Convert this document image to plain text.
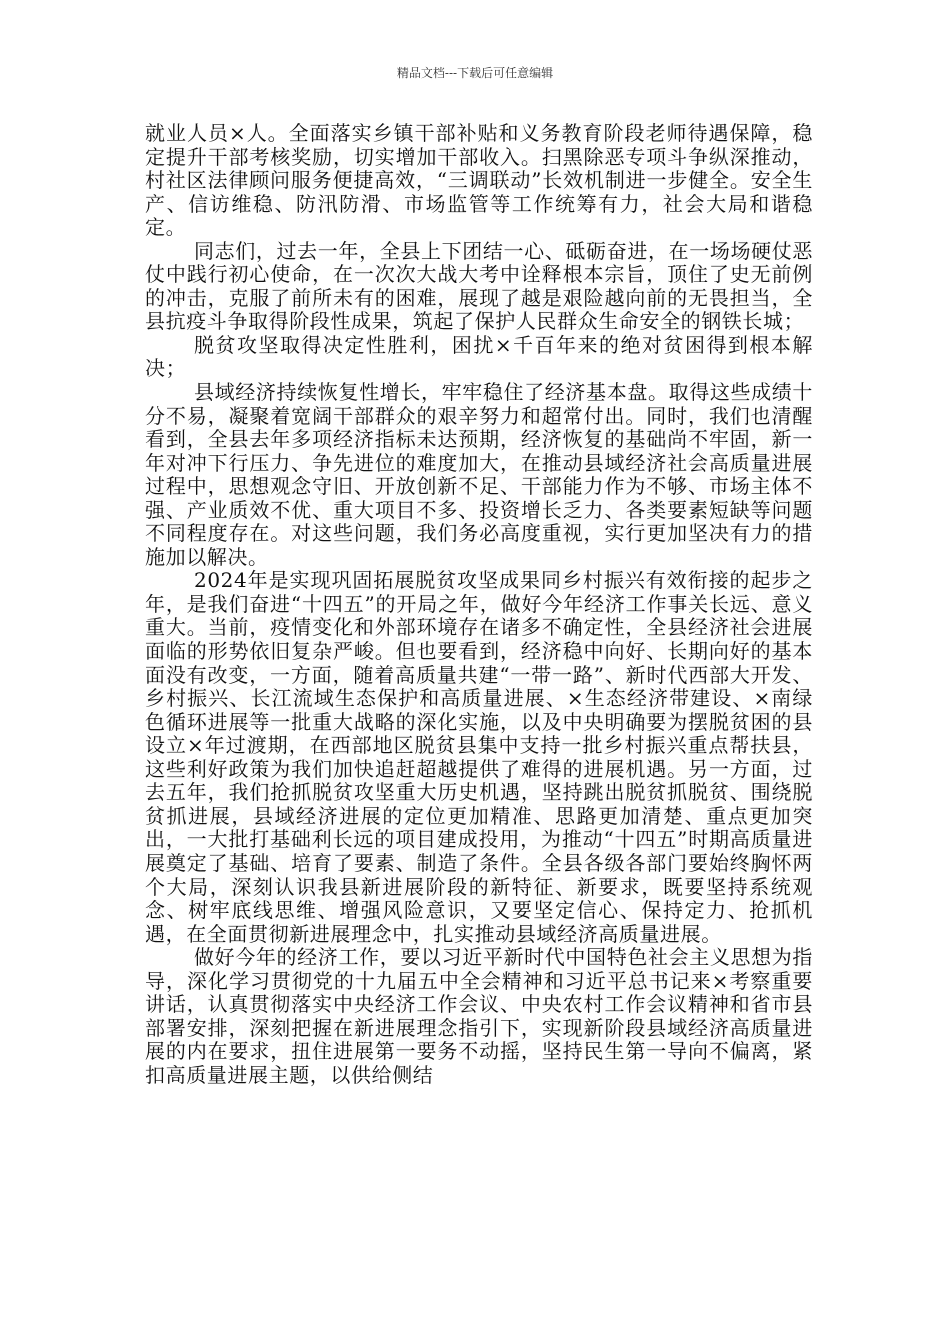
精品文档---下载后可任意编辑

就业人员×人。全面落实乡镇干部补贴和义务教育阶段老师待遇保障，稳定提升干部考核奖励，切实增加干部收入。扫黑除恶专项斗争纵深推动，村社区法律顾问服务便捷高效，“三调联动”长效机制进一步健全。安全生产、信访维稳、防汛防滑、市场监管等工作统筹有力，社会大局和谐稳定。

同志们，过去一年，全县上下团结一心、砥砺奋进，在一场场硬仗恶仗中践行初心使命，在一次次大战大考中诠释根本宗旨，顶住了史无前例的冲击，克服了前所未有的困难，展现了越是艰险越向前的无畏担当，全县抗疫斗争取得阶段性成果，筑起了保护人民群众生命安全的钢铁长城；

脱贫攻坚取得决定性胜利，困扰×千百年来的绝对贫困得到根本解决；

县域经济持续恢复性增长，牢牢稳住了经济基本盘。取得这些成绩十分不易，凝聚着宽阔干部群众的艰辛努力和超常付出。同时，我们也清醒看到，全县去年多项经济指标未达预期，经济恢复的基础尚不牢固，新一年对冲下行压力、争先进位的难度加大，在推动县域经济社会高质量进展过程中，思想观念守旧、开放创新不足、干部能力作为不够、市场主体不强、产业质效不优、重大项目不多、投资增长乏力、各类要素短缺等问题不同程度存在。对这些问题，我们务必高度重视，实行更加坚决有力的措施加以解决。

2024年是实现巩固拓展脱贫攻坚成果同乡村振兴有效衔接的起步之年，是我们奋进“十四五”的开局之年，做好今年经济工作事关长远、意义重大。当前，疫情变化和外部环境存在诸多不确定性，全县经济社会进展面临的形势依旧复杂严峻。但也要看到，经济稳中向好、长期向好的基本面没有改变，一方面，随着高质量共建“一带一路”、新时代西部大开发、乡村振兴、长江流域生态保护和高质量进展、×生态经济带建设、×南绿色循环进展等一批重大战略的深化实施，以及中央明确要为摆脱贫困的县设立×年过渡期，在西部地区脱贫县集中支持一批乡村振兴重点帮扶县，这些利好政策为我们加快追赶超越提供了难得的进展机遇。另一方面，过去五年，我们抢抓脱贫攻坚重大历史机遇，坚持跳出脱贫抓脱贫、围绕脱贫抓进展，县域经济进展的定位更加精准、思路更加清楚、重点更加突出，一大批打基础利长远的项目建成投用，为推动“十四五”时期高质量进展奠定了基础、培育了要素、制造了条件。全县各级各部门要始终胸怀两个大局，深刻认识我县新进展阶段的新特征、新要求，既要坚持系统观念、树牢底线思维、增强风险意识，又要坚定信心、保持定力、抢抓机遇，在全面贯彻新进展理念中，扎实推动县域经济高质量进展。

做好今年的经济工作，要以习近平新时代中国特色社会主义思想为指导，深化学习贯彻党的十九届五中全会精神和习近平总书记来×考察重要讲话，认真贯彻落实中央经济工作会议、中央农村工作会议精神和省市县部署安排，深刻把握在新进展理念指引下，实现新阶段县域经济高质量进展的内在要求，扭住进展第一要务不动摇，坚持民生第一导向不偏离，紧扣高质量进展主题，以供给侧结
